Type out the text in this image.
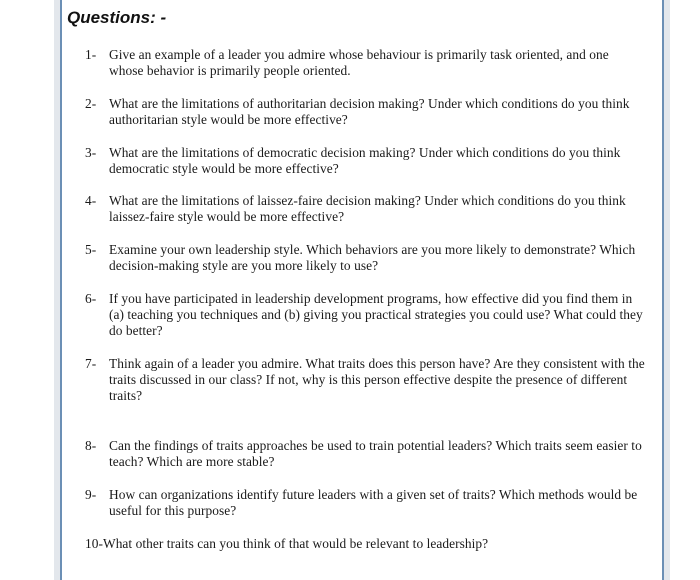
Questions: -
1- Give an example of a leader you admire whose behaviour is primarily task oriented, and one whose behavior is primarily people oriented.
2- What are the limitations of authoritarian decision making? Under which conditions do you think authoritarian style would be more effective?
3- What are the limitations of democratic decision making? Under which conditions do you think democratic style would be more effective?
4- What are the limitations of laissez-faire decision making? Under which conditions do you think laissez-faire style would be more effective?
5- Examine your own leadership style. Which behaviors are you more likely to demonstrate? Which decision-making style are you more likely to use?
6- If you have participated in leadership development programs, how effective did you find them in (a) teaching you techniques and (b) giving you practical strategies you could use? What could they do better?
7- Think again of a leader you admire. What traits does this person have? Are they consistent with the traits discussed in our class? If not, why is this person effective despite the presence of different traits?
8- Can the findings of traits approaches be used to train potential leaders? Which traits seem easier to teach? Which are more stable?
9- How can organizations identify future leaders with a given set of traits? Which methods would be useful for this purpose?
10- What other traits can you think of that would be relevant to leadership?
